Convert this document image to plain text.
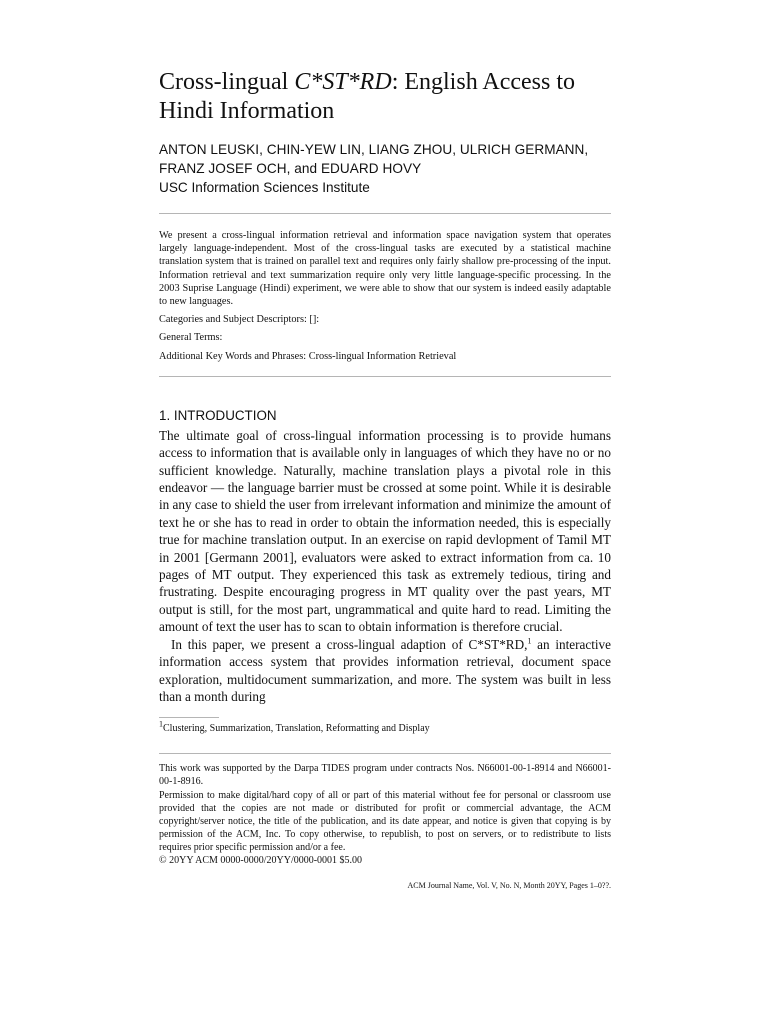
Cross-lingual C*ST*RD: English Access to Hindi Information
ANTON LEUSKI, CHIN-YEW LIN, LIANG ZHOU, ULRICH GERMANN, FRANZ JOSEF OCH, and EDUARD HOVY
USC Information Sciences Institute
We present a cross-lingual information retrieval and information space navigation system that operates largely language-independent. Most of the cross-lingual tasks are executed by a statistical machine translation system that is trained on parallel text and requires only fairly shallow pre-processing of the input. Information retrieval and text summarization require only very little language-specific processing. In the 2003 Suprise Language (Hindi) experiment, we were able to show that our system is indeed easily adaptable to new languages.
Categories and Subject Descriptors: []:
General Terms:
Additional Key Words and Phrases: Cross-lingual Information Retrieval
1. INTRODUCTION

The ultimate goal of cross-lingual information processing is to provide humans access to information that is available only in languages of which they have no or no sufficient knowledge. Naturally, machine translation plays a pivotal role in this endeavor — the language barrier must be crossed at some point. While it is desirable in any case to shield the user from irrelevant information and minimize the amount of text he or she has to read in order to obtain the information needed, this is especially true for machine translation output. In an exercise on rapid devlopment of Tamil MT in 2001 [Germann 2001], evaluators were asked to extract information from ca. 10 pages of MT output. They experienced this task as extremely tedious, tiring and frustrating. Despite encouraging progress in MT quality over the past years, MT output is still, for the most part, ungrammatical and quite hard to read. Limiting the amount of text the user has to scan to obtain information is therefore crucial.

In this paper, we present a cross-lingual adaption of C*ST*RD,$^1$ an interactive information access system that provides information retrieval, document space exploration, multidocument summarization, and more. The system was built in less than a month during

$^1$Clustering, Summarization, Translation, Reformatting and Display

This work was supported by the Darpa TIDES program under contracts Nos. N66001-00-1-8914 and N66001-00-1-8916.

Permission to make digital/hard copy of all or part of this material without fee for personal or classroom use provided that the copies are not made or distributed for profit or commercial advantage, the ACM copyright/server notice, the title of the publication, and its date appear, and notice is given that copying is by permission of the ACM, Inc. To copy otherwise, to republish, to post on servers, or to redistribute to lists requires prior specific permission and/or a fee.

© 20YY ACM 0000-0000/20YY/0000-0001 $5.00

ACM Journal Name, Vol. V, No. N, Month 20YY, Pages 1–0??.
